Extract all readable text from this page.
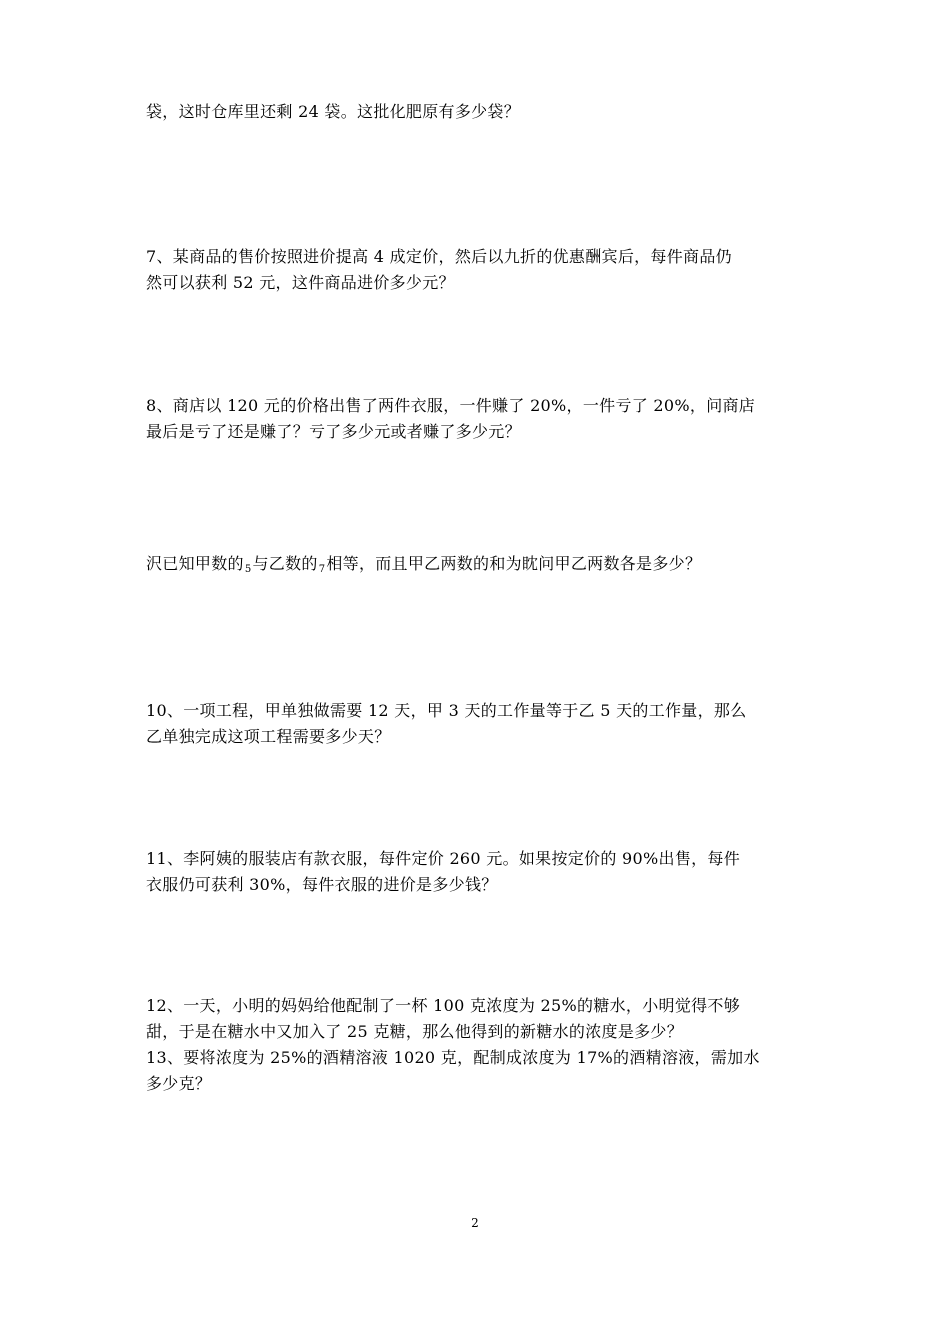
袋，这时仓库里还剩 24 袋。这批化肥原有多少袋？
7、某商品的售价按照进价提高 4 成定价，然后以九折的优惠酬宾后，每件商品仍
然可以获利 52 元，这件商品进价多少元？
8、商店以 120 元的价格出售了两件衣服，一件赚了 20%，一件亏了 20%，问商店
最后是亏了还是赚了？亏了多少元或者赚了多少元？
沢已知甲数的5与乙数的7相等，而且甲乙两数的和为眈问甲乙两数各是多少？
10、一项工程，甲单独做需要 12 天，甲 3 天的工作量等于乙 5 天的工作量，那么
乙单独完成这项工程需要多少天？
11、李阿姨的服装店有款衣服，每件定价 260 元。如果按定价的 90%出售，每件
衣服仍可获利 30%，每件衣服的进价是多少钱？
12、一天，小明的妈妈给他配制了一杯 100 克浓度为 25%的糖水，小明觉得不够
甜，于是在糖水中又加入了 25 克糖，那么他得到的新糖水的浓度是多少？
13、要将浓度为 25%的酒精溶液 1020 克，配制成浓度为 17%的酒精溶液，需加水
多少克？
2
